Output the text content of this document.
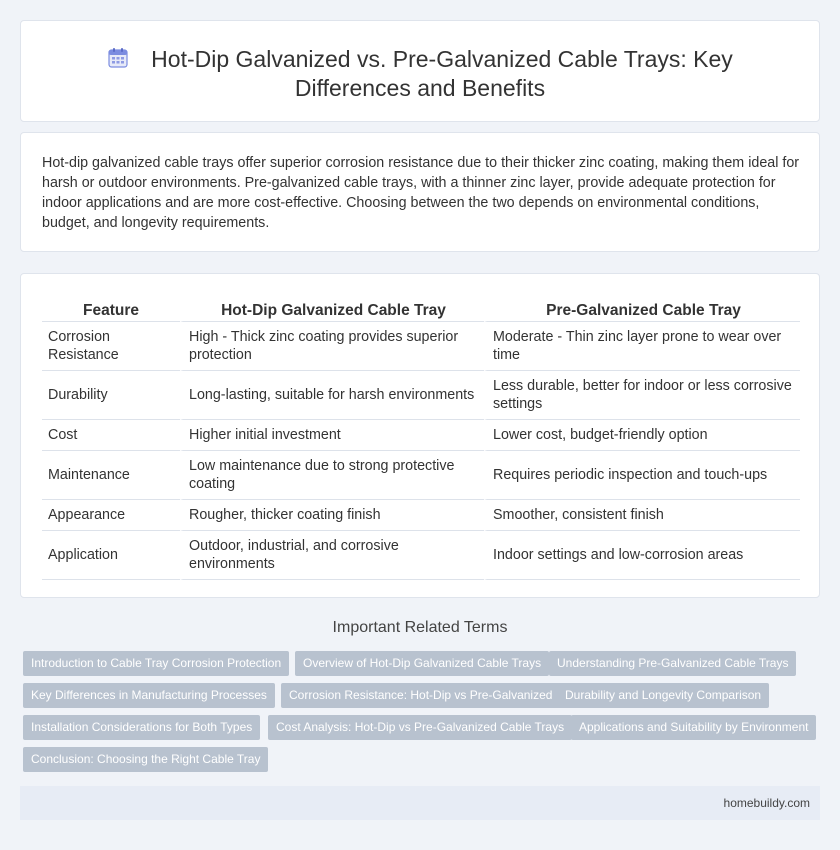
Hot-Dip Galvanized vs. Pre-Galvanized Cable Trays: Key Differences and Benefits

Hot-dip galvanized cable trays offer superior corrosion resistance due to their thicker zinc coating, making them ideal for harsh or outdoor environments. Pre-galvanized cable trays, with a thinner zinc layer, provide adequate protection for indoor applications and are more cost-effective. Choosing between the two depends on environmental conditions, budget, and longevity requirements.

Feature	Hot-Dip Galvanized Cable Tray	Pre-Galvanized Cable Tray
Corrosion Resistance	High - Thick zinc coating provides superior protection	Moderate - Thin zinc layer prone to wear over time
Durability	Long-lasting, suitable for harsh environments	Less durable, better for indoor or less corrosive settings
Cost	Higher initial investment	Lower cost, budget-friendly option
Maintenance	Low maintenance due to strong protective coating	Requires periodic inspection and touch-ups
Appearance	Rougher, thicker coating finish	Smoother, consistent finish
Application	Outdoor, industrial, and corrosive environments	Indoor settings and low-corrosion areas
Important Related Terms
Introduction to Cable Tray Corrosion Protection	Overview of Hot-Dip Galvanized Cable Trays	Understanding Pre-Galvanized Cable Trays
Key Differences in Manufacturing Processes	Corrosion Resistance: Hot-Dip vs Pre-Galvanized	Durability and Longevity Comparison
Installation Considerations for Both Types	Cost Analysis: Hot-Dip vs Pre-Galvanized Cable Trays	Applications and Suitability by Environment
Conclusion: Choosing the Right Cable Tray
homebuildy.com
